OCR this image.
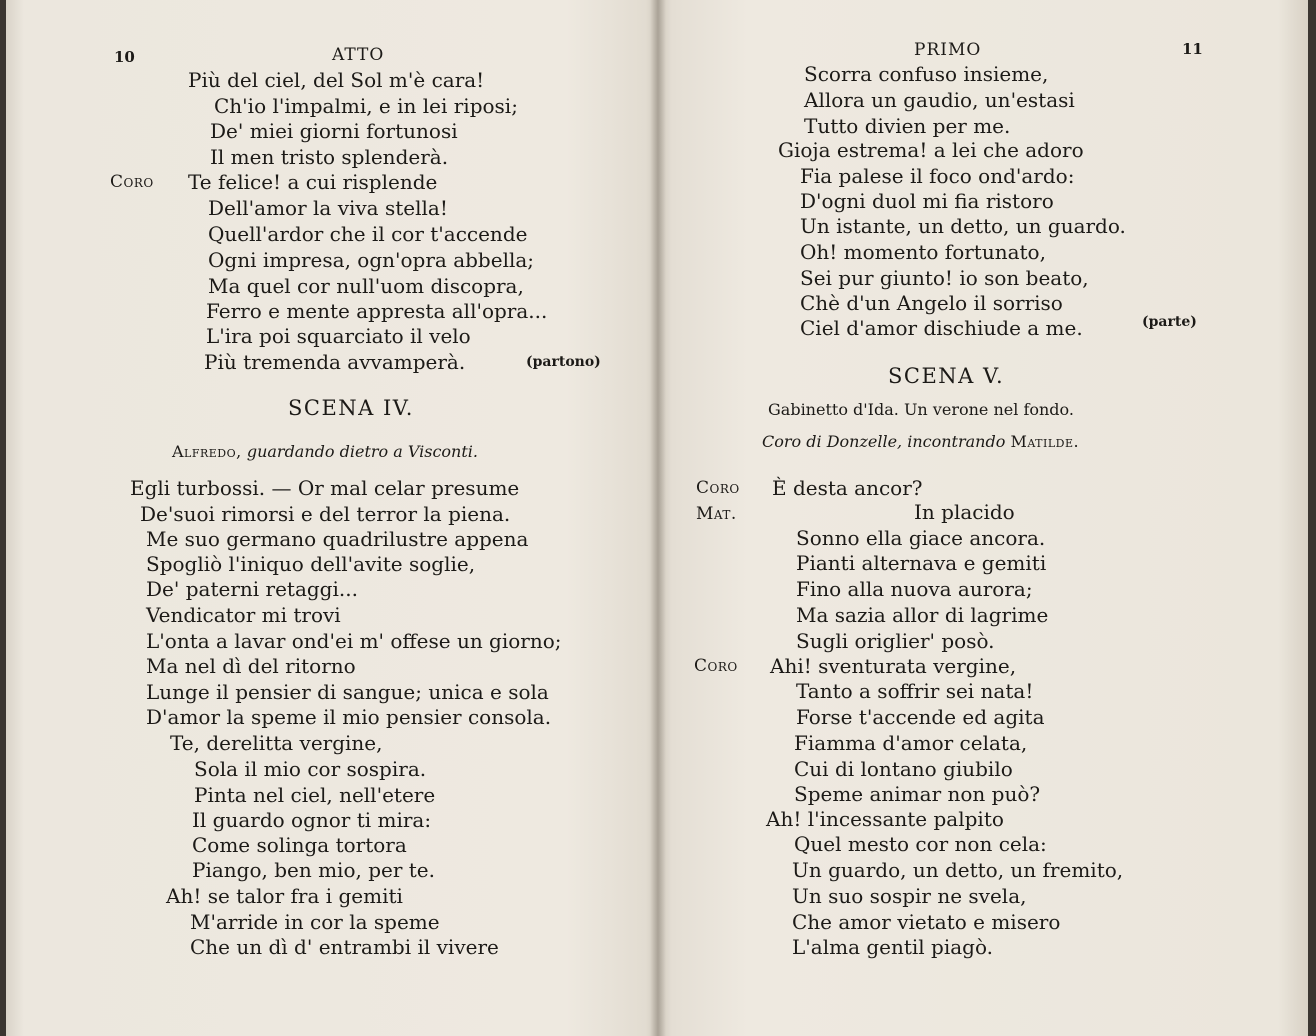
10	ATTO
Più del ciel, del Sol m'è cara!
Ch'io l'impalmi, e in lei riposi;
De' miei giorni fortunosi
Il men tristo splenderà.
Coro Te felice! a cui risplende
Dell'amor la viva stella!
Quell'ardor che il cor t'accende
Ogni impresa, ogn'opra abbella;
Ma quel cor null'uom discopra,
Ferro e mente appresta all'opra...
L'ira poi squarciato il velo
Più tremenda avvamperà.	(partono)
SCENA IV.
Alfredo, guardando dietro a Visconti.
Egli turbossi. — Or mal celar presume
De'suoi rimorsi e del terror la piena.
Me suo germano quadrilustre appena
Spogliò l'iniquo dell'avite soglie,
De' paterni retaggi...
Vendicator mi trovi
L'onta a lavar ond'ei m' offese un giorno;
Ma nel dì del ritorno
Lunge il pensier di sangue; unica e sola
D'amor la speme il mio pensier consola.
Te, derelitta vergine,
Sola il mio cor sospira.
Pinta nel ciel, nell'etere
Il guardo ognor ti mira:
Come solinga tortora
Piango, ben mio, per te.
Ah! se talor fra i gemiti
M'arride in cor la speme
Che un dì d' entrambi il vivere
PRIMO	11
Scorra confuso insieme,
Allora un gaudio, un'estasi
Tutto divien per me.
Gioja estrema! a lei che adoro
Fia palese il foco ond'ardo:
D'ogni duol mi fia ristoro
Un istante, un detto, un guardo.
Oh! momento fortunato,
Sei pur giunto! io son beato,
Chè d'un Angelo il sorriso
Ciel d'amor dischiude a me.	(parte)
SCENA V.
Gabinetto d'Ida. Un verone nel fondo.
Coro di Donzelle, incontrando Matilde.
Coro È desta ancor?
Mat.	In placido
Sonno ella giace ancora.
Pianti alternava e gemiti
Fino alla nuova aurora;
Ma sazia allor di lagrime
Sugli origlier' posò.
Coro Ahi! sventurata vergine,
Tanto a soffrir sei nata!
Forse t'accende ed agita
Fiamma d'amor celata,
Cui di lontano giubilo
Speme animar non può?
Ah! l'incessante palpito
Quel mesto cor non cela:
Un guardo, un detto, un fremito,
Un suo sospir ne svela,
Che amor vietato e misero
L'alma gentil piagò.
